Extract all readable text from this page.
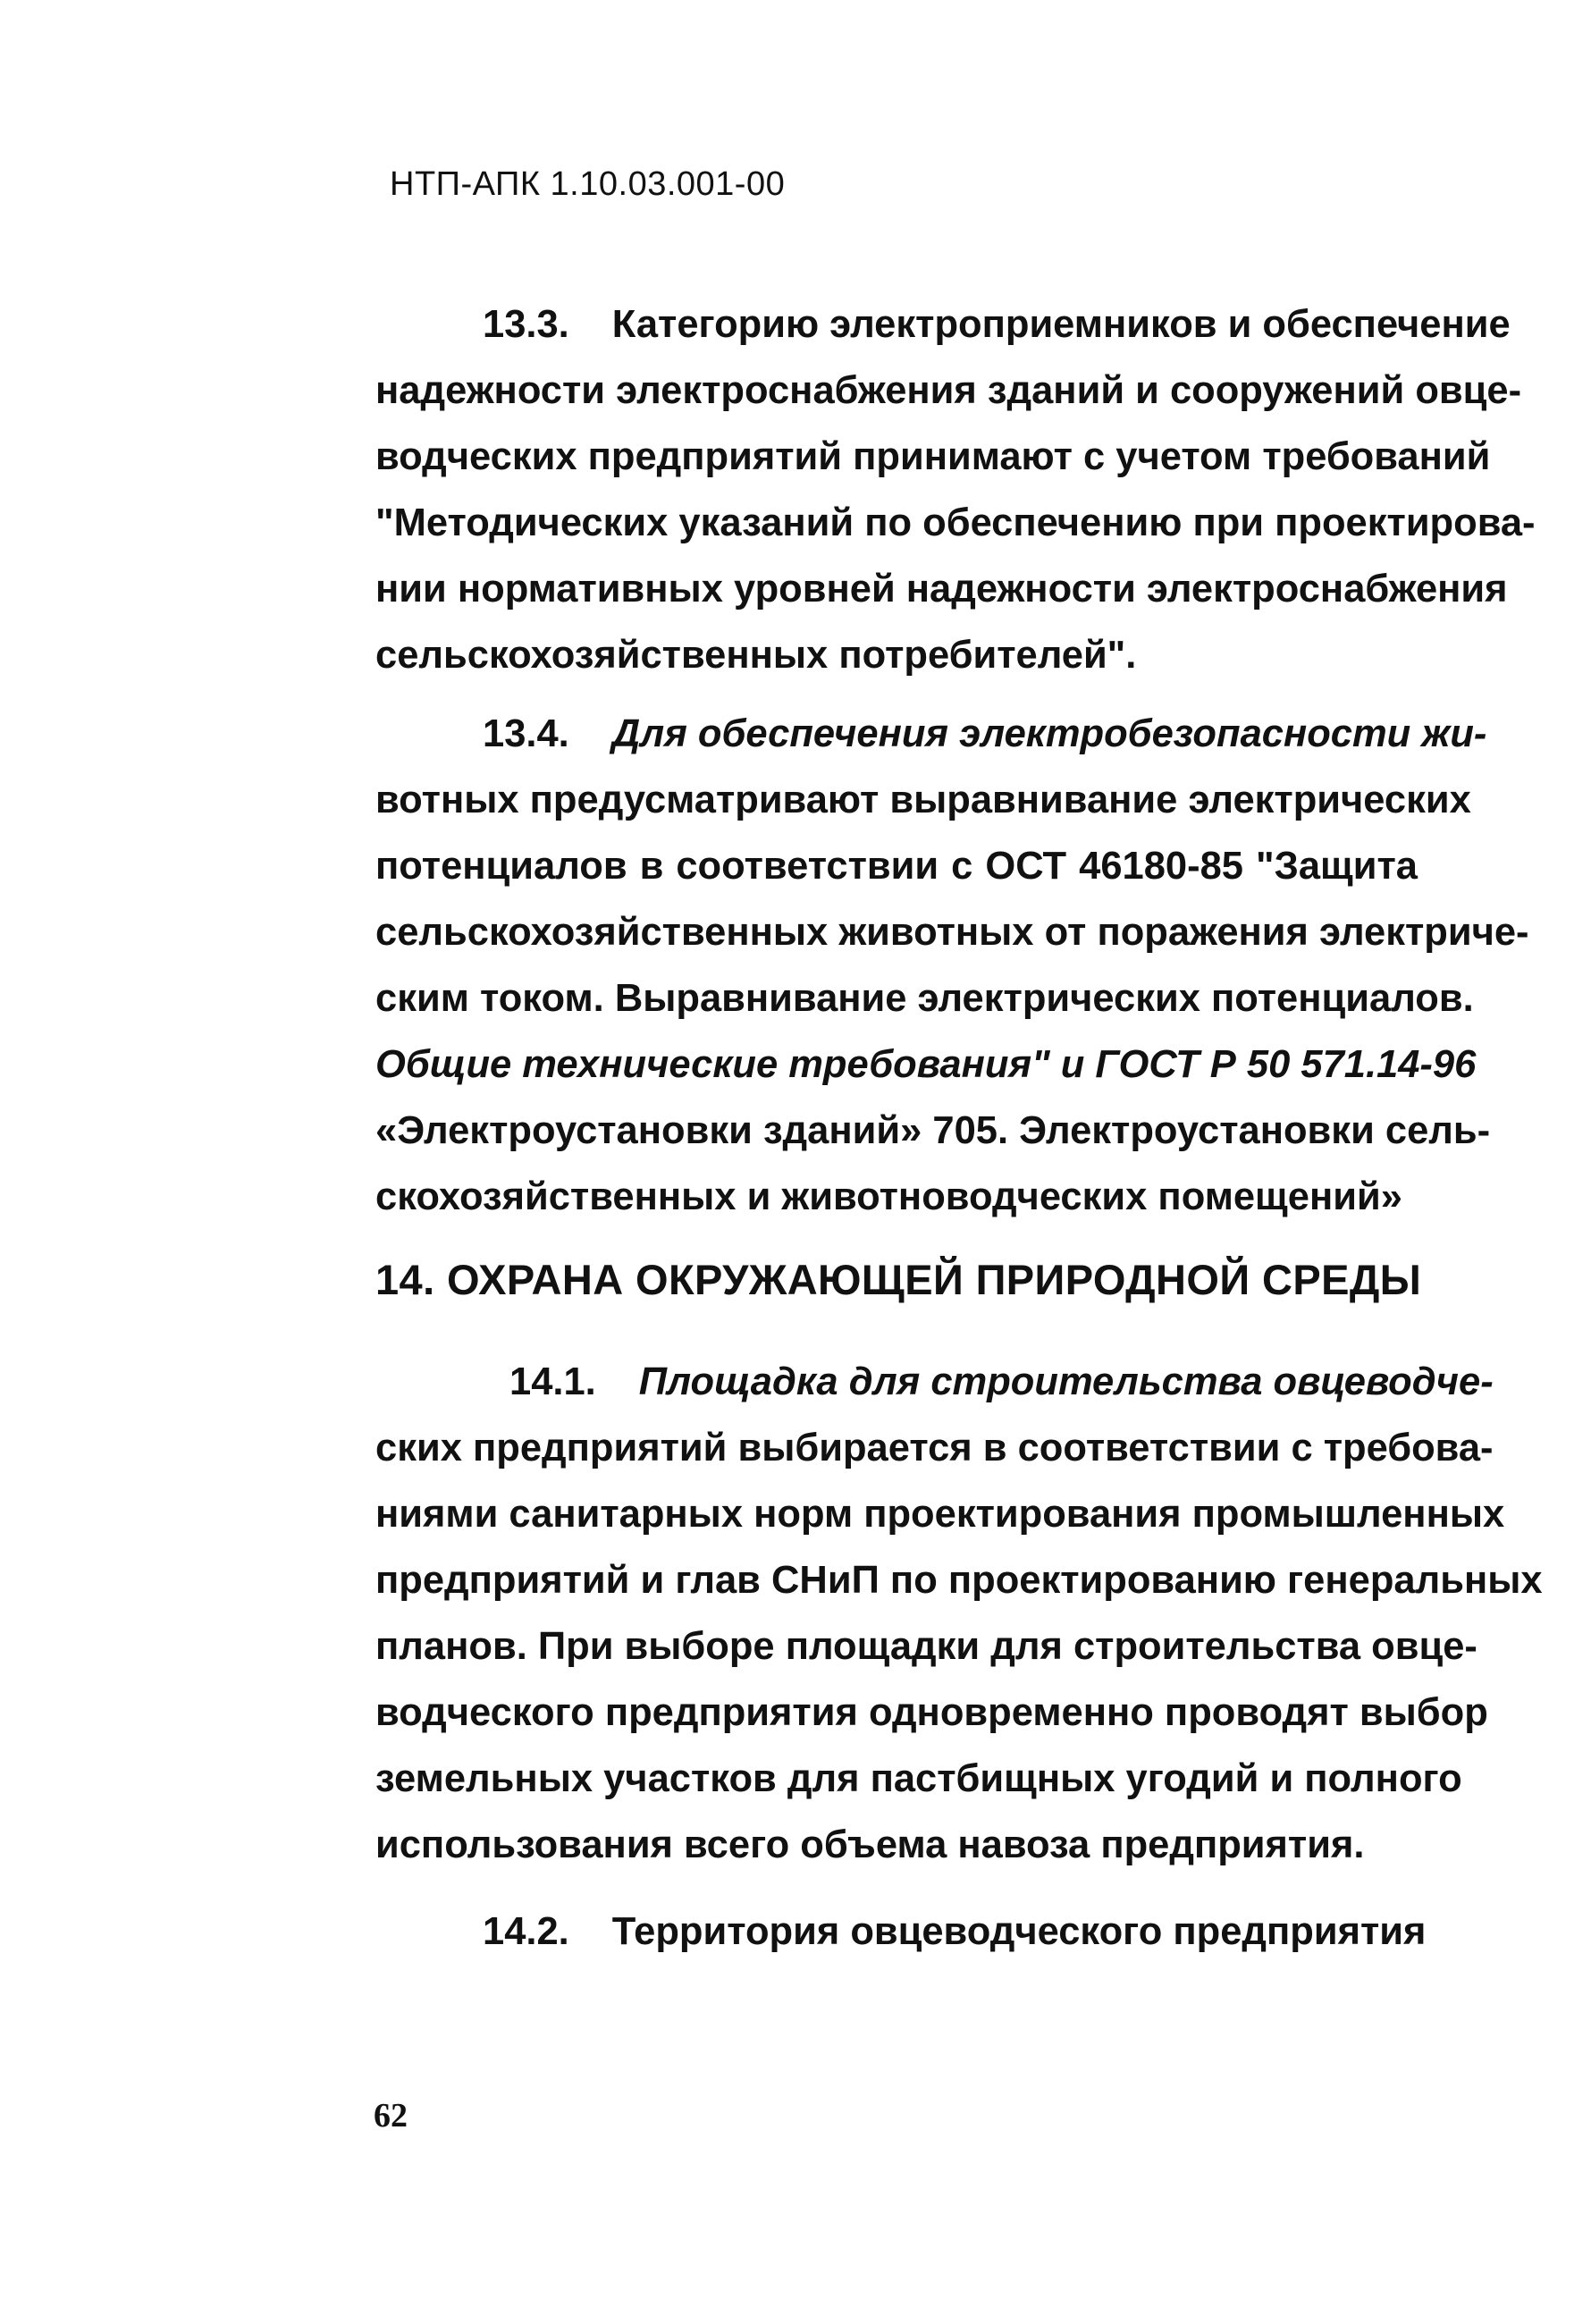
НТП-АПК 1.10.03.001-00
13.3. Категорию электроприемников и обеспечение
надежности электроснабжения зданий и сооружений овце-
водческих предприятий принимают с учетом требований
"Методических указаний по обеспечению при проектирова-
нии нормативных уровней надежности электроснабжения
сельскохозяйственных потребителей".
13.4. Для обеспечения электробезопасности жи-
вотных предусматривают выравнивание электрических
потенциалов в соответствии с ОСТ 46180-85 "Защита
сельскохозяйственных животных от поражения электриче-
ским током. Выравнивание электрических потенциалов.
Общие технические требования" и ГОСТ Р 50 571.14-96
«Электроустановки зданий» 705. Электроустановки сель-
скохозяйственных и животноводческих помещений»
14. ОХРАНА ОКРУЖАЮЩЕЙ ПРИРОДНОЙ СРЕДЫ
14.1. Площадка для строительства овцеводче-
ских предприятий выбирается в соответствии с требова-
ниями санитарных норм проектирования промышленных
предприятий и глав СНиП по проектированию генеральных
планов. При выборе площадки для строительства овце-
водческого предприятия одновременно проводят выбор
земельных участков для пастбищных угодий и полного
использования всего объема навоза предприятия.
14.2. Территория овцеводческого предприятия
62
